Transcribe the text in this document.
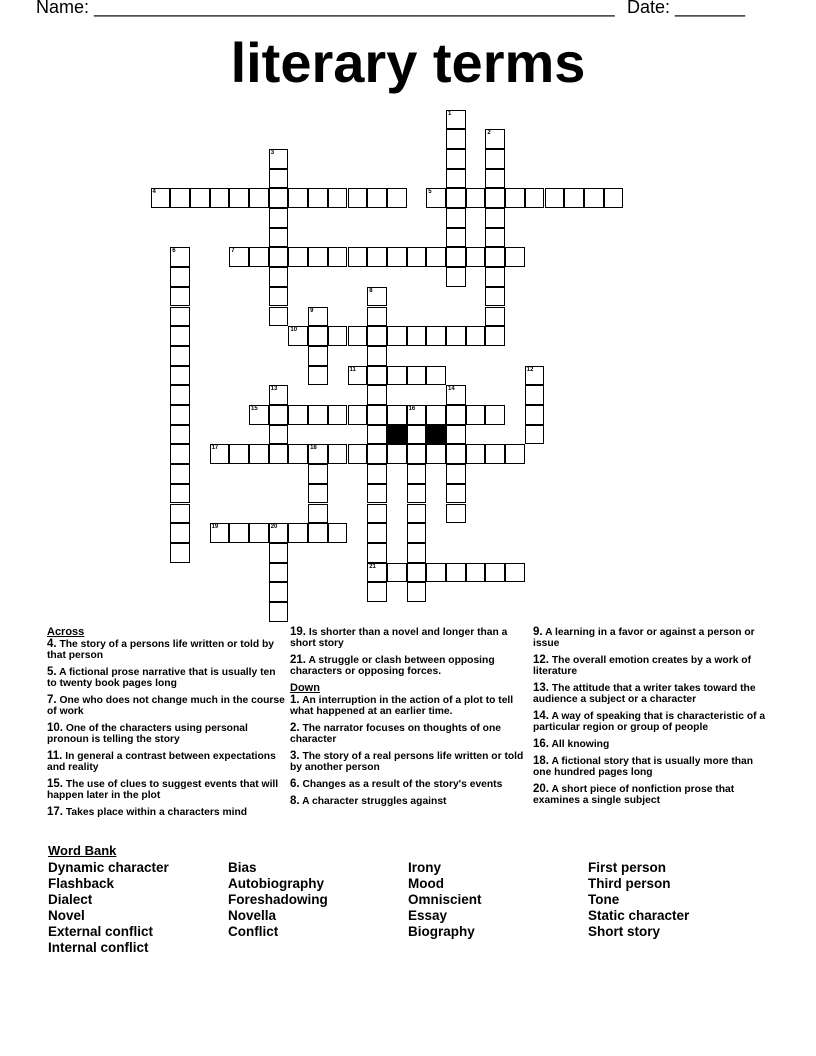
Name: ____________________________________________________ Date: _______
literary terms
1
2
3
4	5
6	7
8
21
9
10
11	12
13	14
15	16
17	18
19	20
Across
4. The story of a persons life written or told by that person
5. A fictional prose narrative that is usually ten to twenty book pages long
7. One who does not change much in the course of work
10. One of the characters using personal pronoun is telling the story
11. In general a contrast between expectations and reality
15. The use of clues to suggest events that will happen later in the plot
17. Takes place within a characters mind
19. Is shorter than a novel and longer than a short story
21. A struggle or clash between opposing characters or opposing forces.
Down
1. An interruption in the action of a plot to tell what happened at an earlier time.
2. The narrator focuses on thoughts of one character
3. The story of a real persons life written or told by another person
6. Changes as a result of the story's events
8. A character struggles against
9. A learning in a favor or against a person or issue
12. The overall emotion creates by a work of literature
13. The attitude that a writer takes toward the audience a subject or a character
14. A way of speaking that is characteristic of a particular region or group of people
16. All knowing
18. A fictional story that is usually more than one hundred pages long
20. A short piece of nonfiction prose that examines a single subject
Word Bank
Dynamic character
Flashback
Dialect
Novel
External conflict
Internal conflict
Bias
Autobiography
Foreshadowing
Novella
Conflict
Irony
Mood
Omniscient
Essay
Biography
First person
Third person
Tone
Static character
Short story
